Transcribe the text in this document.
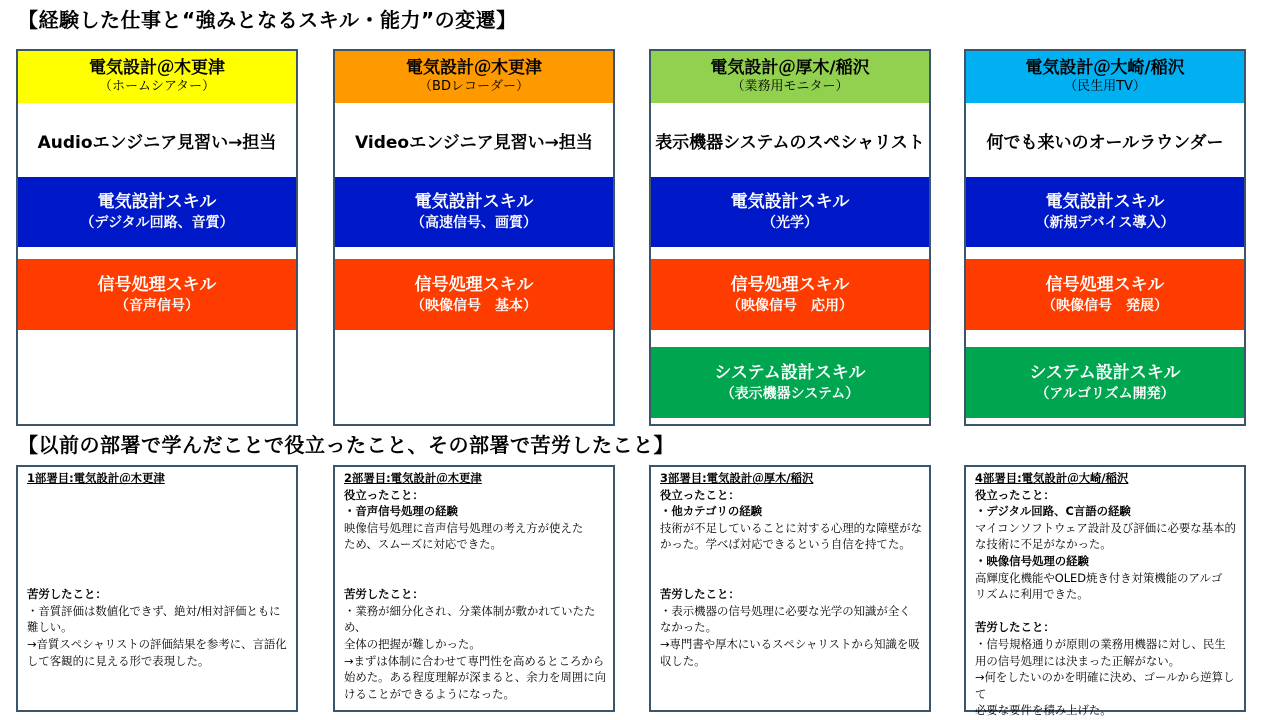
【経験した仕事と“強みとなるスキル・能力”の変遷】
電気設計＠木更津
（ホームシアター）
Audioエンジニア見習い→担当
電気設計スキル
（デジタル回路、音質）
信号処理スキル
（音声信号）
電気設計＠木更津
（BDレコーダー）
Videoエンジニア見習い→担当
電気設計スキル
（高速信号、画質）
信号処理スキル
（映像信号　基本）
電気設計＠厚木/稲沢
（業務用モニター）
表示機器システムのスペシャリスト
電気設計スキル
（光学）
信号処理スキル
（映像信号　応用）
システム設計スキル
（表示機器システム）
電気設計＠大崎/稲沢
（民生用TV）
何でも来いのオールラウンダー
電気設計スキル
（新規デバイス導入）
信号処理スキル
（映像信号　発展）
システム設計スキル
（アルゴリズム開発）
【以前の部署で学んだことで役立ったこと、その部署で苦労したこと】

1部署目:電気設計＠木更津

苦労したこと：

・音質評価は数値化できず、絶対/相対評価ともに

難しい。

→音質スペシャリストの評価結果を参考に、言語化

して客観的に見える形で表現した。

2部署目:電気設計＠木更津

役立ったこと：

・音声信号処理の経験

映像信号処理に音声信号処理の考え方が使えた

ため、スムーズに対応できた。

苦労したこと：

・業務が細分化され、分業体制が敷かれていたため、

全体の把握が難しかった。

→まずは体制に合わせて専門性を高めるところから

始めた。ある程度理解が深まると、余力を周囲に向

けることができるようになった。

3部署目:電気設計＠厚木/稲沢

役立ったこと：

・他カテゴリの経験

技術が不足していることに対する心理的な障壁がな

かった。学べば対応できるという自信を持てた。

苦労したこと：

・表示機器の信号処理に必要な光学の知識が全く

なかった。

→専門書や厚木にいるスペシャリストから知識を吸

収した。

4部署目:電気設計＠大崎/稲沢

役立ったこと：

・デジタル回路、C言語の経験

マイコンソフトウェア設計及び評価に必要な基本的

な技術に不足がなかった。

・映像信号処理の経験

高輝度化機能やOLED焼き付き対策機能のアルゴ

リズムに利用できた。

苦労したこと：

・信号規格通りが原則の業務用機器に対し、民生

用の信号処理には決まった正解がない。

→何をしたいのかを明確に決め、ゴールから逆算して

必要な要件を積み上げた。
